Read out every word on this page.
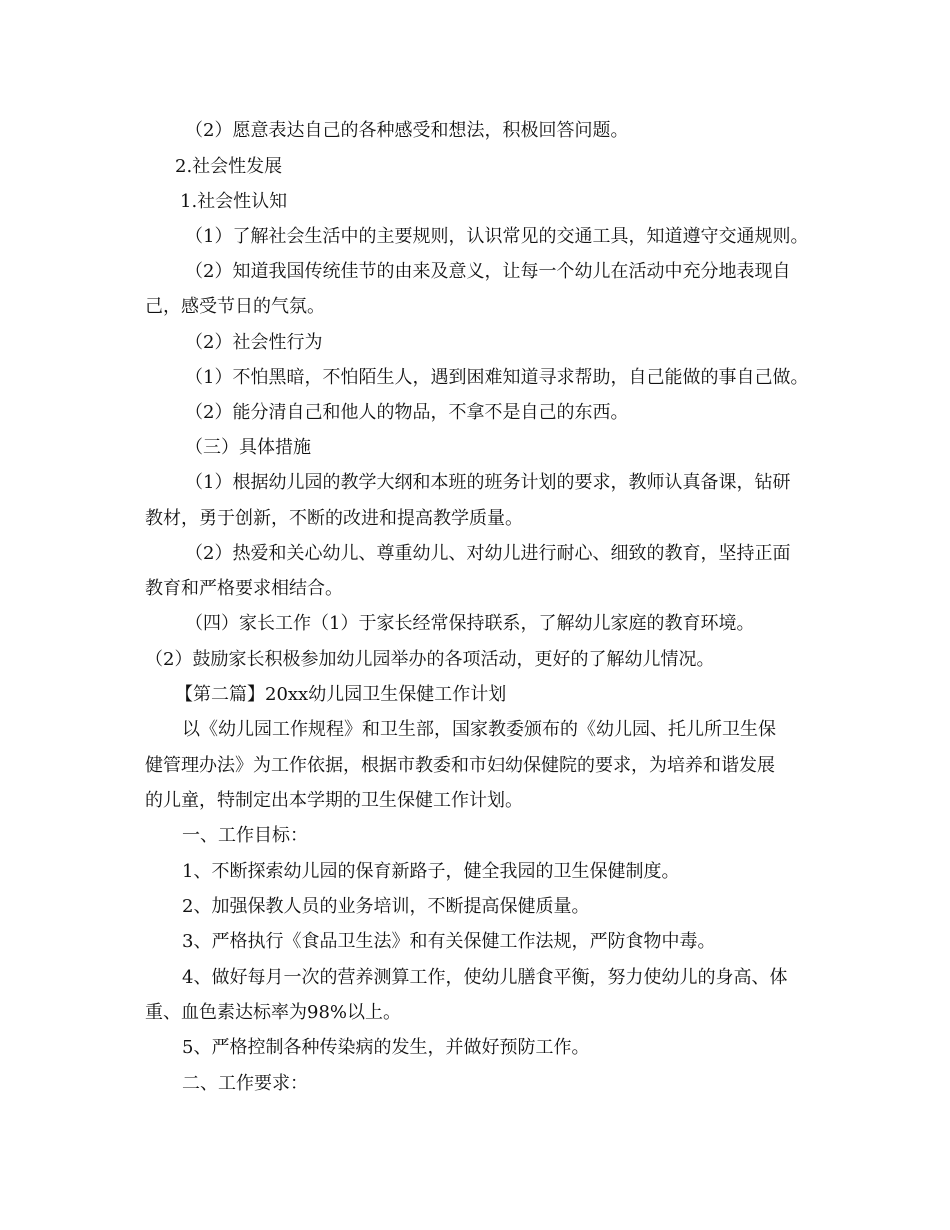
（2）愿意表达自己的各种感受和想法，积极回答问题。
2.社会性发展
1.社会性认知
（1）了解社会生活中的主要规则，认识常见的交通工具，知道遵守交通规则。
（2）知道我国传统佳节的由来及意义，让每一个幼儿在活动中充分地表现自
己，感受节日的气氛。
（2）社会性行为
（1）不怕黑暗，不怕陌生人，遇到困难知道寻求帮助，自己能做的事自己做。
（2）能分清自己和他人的物品，不拿不是自己的东西。
（三）具体措施
（1）根据幼儿园的教学大纲和本班的班务计划的要求，教师认真备课，钻研
教材，勇于创新，不断的改进和提高教学质量。
（2）热爱和关心幼儿、尊重幼儿、对幼儿进行耐心、细致的教育，坚持正面
教育和严格要求相结合。
（四）家长工作（1）于家长经常保持联系，了解幼儿家庭的教育环境。
（2）鼓励家长积极参加幼儿园举办的各项活动，更好的了解幼儿情况。
【第二篇】20xx幼儿园卫生保健工作计划
以《幼儿园工作规程》和卫生部，国家教委颁布的《幼儿园、托儿所卫生保
健管理办法》为工作依据，根据市教委和市妇幼保健院的要求，为培养和谐发展
的儿童，特制定出本学期的卫生保健工作计划。
一、工作目标：
1、不断探索幼儿园的保育新路子，健全我园的卫生保健制度。
2、加强保教人员的业务培训，不断提高保健质量。
3、严格执行《食品卫生法》和有关保健工作法规，严防食物中毒。
4、做好每月一次的营养测算工作，使幼儿膳食平衡，努力使幼儿的身高、体
重、血色素达标率为98%以上。
5、严格控制各种传染病的发生，并做好预防工作。
二、工作要求：
